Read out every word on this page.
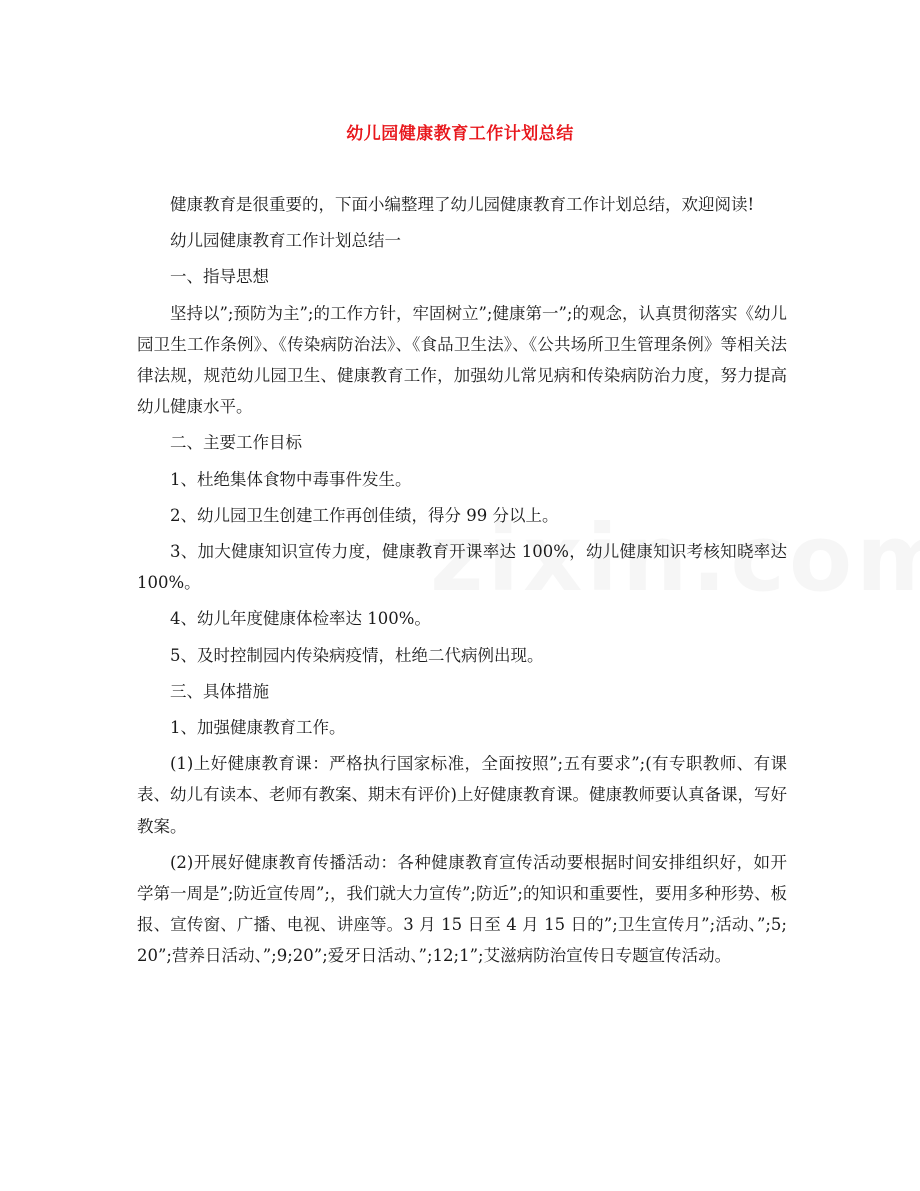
幼儿园健康教育工作计划总结

健康教育是很重要的，下面小编整理了幼儿园健康教育工作计划总结，欢迎阅读!

幼儿园健康教育工作计划总结一

一、指导思想

坚持以”;预防为主”;的工作方针，牢固树立”;健康第一”;的观念，认真贯彻落实《幼儿园卫生工作条例》、《传染病防治法》、《食品卫生法》、《公共场所卫生管理条例》等相关法律法规，规范幼儿园卫生、健康教育工作，加强幼儿常见病和传染病防治力度，努力提高幼儿健康水平。

二、主要工作目标

1、杜绝集体食物中毒事件发生。

2、幼儿园卫生创建工作再创佳绩，得分 99 分以上。

3、加大健康知识宣传力度，健康教育开课率达 100%，幼儿健康知识考核知晓率达 100%。

4、幼儿年度健康体检率达 100%。

5、及时控制园内传染病疫情，杜绝二代病例出现。

三、具体措施

1、加强健康教育工作。

(1)上好健康教育课：严格执行国家标准，全面按照”;五有要求”;(有专职教师、有课表、幼儿有读本、老师有教案、期末有评价)上好健康教育课。健康教师要认真备课，写好教案。

(2)开展好健康教育传播活动：各种健康教育宣传活动要根据时间安排组织好，如开学第一周是”;防近宣传周”;，我们就大力宣传”;防近”;的知识和重要性，要用多种形势、板报、宣传窗、广播、电视、讲座等。3 月 15 日至 4 月 15 日的”;卫生宣传月”;活动、”;5;20”;营养日活动、”;9;20”;爱牙日活动、”;12;1”;艾滋病防治宣传日专题宣传活动。
